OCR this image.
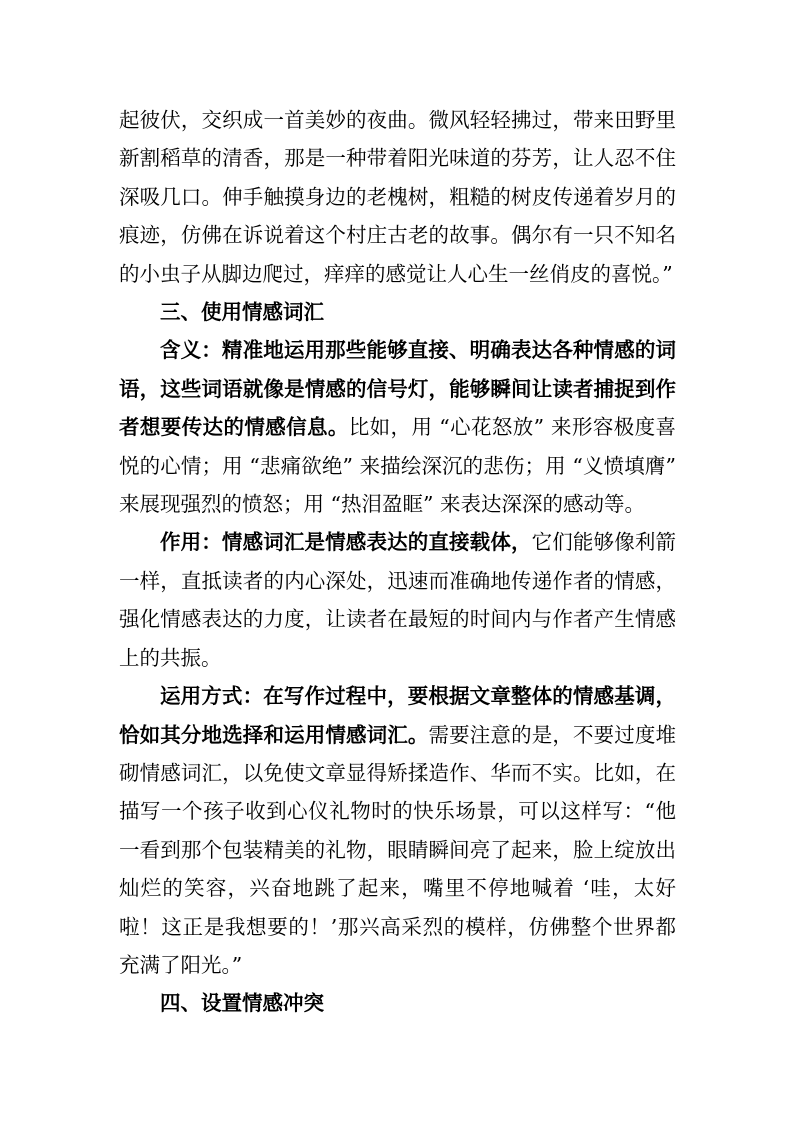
起彼伏，交织成一首美妙的夜曲。微风轻轻拂过，带来田野里新割稻草的清香，那是一种带着阳光味道的芬芳，让人忍不住深吸几口。伸手触摸身边的老槐树，粗糙的树皮传递着岁月的痕迹，仿佛在诉说着这个村庄古老的故事。偶尔有一只不知名的小虫子从脚边爬过，痒痒的感觉让人心生一丝俏皮的喜悦。”

三、使用情感词汇

含义：精准地运用那些能够直接、明确表达各种情感的词语，这些词语就像是情感的信号灯，能够瞬间让读者捕捉到作者想要传达的情感信息。比如，用 “心花怒放” 来形容极度喜悦的心情；用 “悲痛欲绝” 来描绘深沉的悲伤；用 “义愤填膺” 来展现强烈的愤怒；用 “热泪盈眶” 来表达深深的感动等。

作用：情感词汇是情感表达的直接载体，它们能够像利箭一样，直抵读者的内心深处，迅速而准确地传递作者的情感，强化情感表达的力度，让读者在最短的时间内与作者产生情感上的共振。

运用方式：在写作过程中，要根据文章整体的情感基调，恰如其分地选择和运用情感词汇。需要注意的是，不要过度堆砌情感词汇，以免使文章显得矫揉造作、华而不实。比如，在描写一个孩子收到心仪礼物时的快乐场景，可以这样写：“他一看到那个包装精美的礼物，眼睛瞬间亮了起来，脸上绽放出灿烂的笑容，兴奋地跳了起来，嘴里不停地喊着 ‘哇，太好啦！这正是我想要的！’那兴高采烈的模样，仿佛整个世界都充满了阳光。”

四、设置情感冲突
